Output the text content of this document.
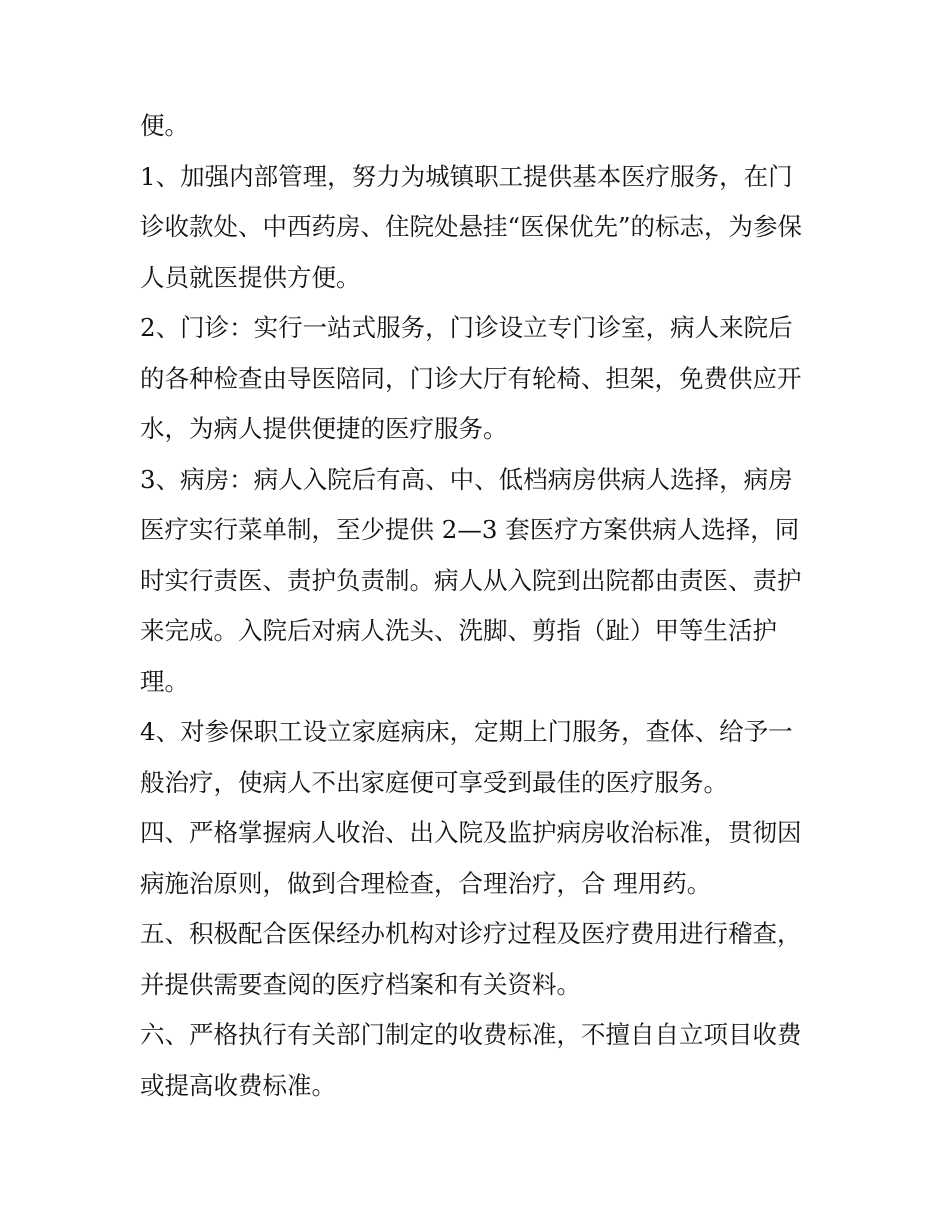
便。
1、加强内部管理，努力为城镇职工提供基本医疗服务，在门
诊收款处、中西药房、住院处悬挂“医保优先”的标志，为参保
人员就医提供方便。
2、门诊：实行一站式服务，门诊设立专门诊室，病人来院后
的各种检查由导医陪同，门诊大厅有轮椅、担架，免费供应开
水，为病人提供便捷的医疗服务。
3、病房：病人入院后有高、中、低档病房供病人选择，病房
医疗实行菜单制，至少提供 2—3 套医疗方案供病人选择，同
时实行责医、责护负责制。病人从入院到出院都由责医、责护
来完成。入院后对病人洗头、洗脚、剪指（趾）甲等生活护
理。
4、对参保职工设立家庭病床，定期上门服务，查体、给予一
般治疗，使病人不出家庭便可享受到最佳的医疗服务。
四、严格掌握病人收治、出入院及监护病房收治标准，贯彻因
病施治原则，做到合理检查，合理治疗，合 理用药。
五、积极配合医保经办机构对诊疗过程及医疗费用进行稽查，
并提供需要查阅的医疗档案和有关资料。
六、严格执行有关部门制定的收费标准，不擅自自立项目收费
或提高收费标准。
